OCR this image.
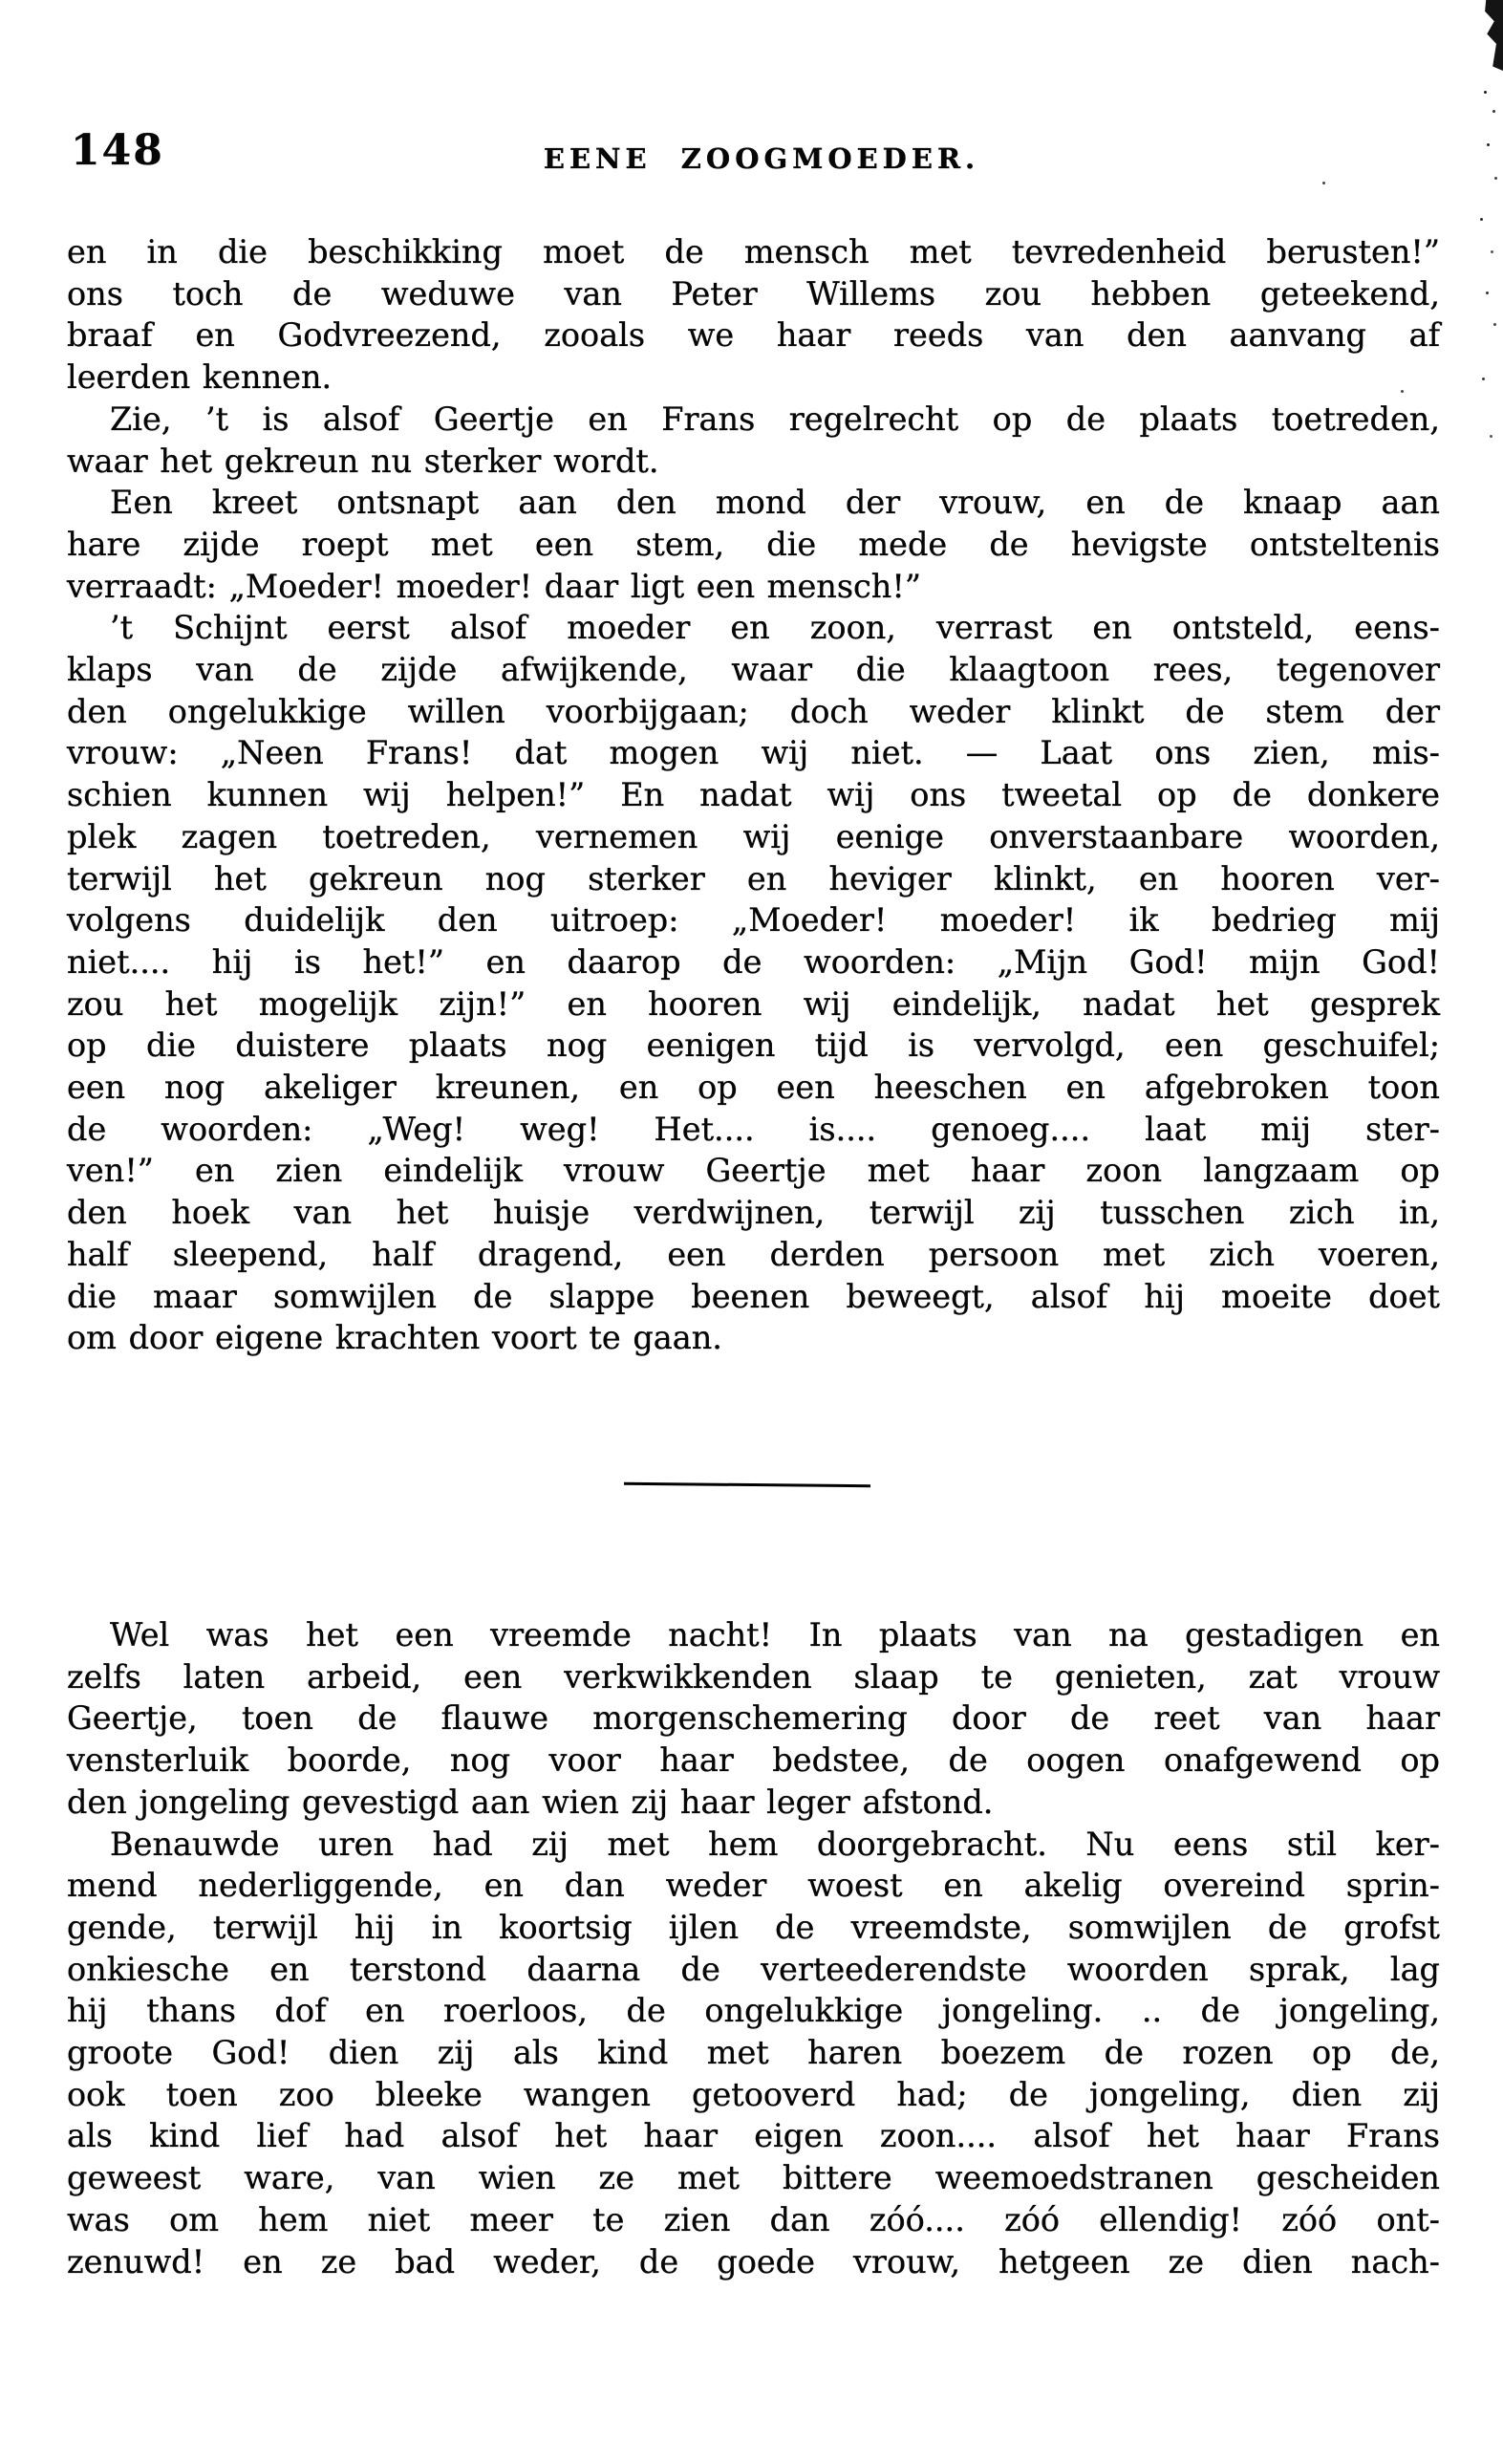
148	EENE ZOOGMOEDER.
en in die beschikking moet de mensch met tevredenheid berusten!”
ons toch de weduwe van Peter Willems zou hebben geteekend,
braaf en Godvreezend, zooals we haar reeds van den aanvang af
leerden kennen.
Zie, ’t is alsof Geertje en Frans regelrecht op de plaats toetreden,
waar het gekreun nu sterker wordt.
Een kreet ontsnapt aan den mond der vrouw, en de knaap aan
hare zijde roept met een stem, die mede de hevigste ontsteltenis
verraadt: „Moeder! moeder! daar ligt een mensch!”
’t Schijnt eerst alsof moeder en zoon, verrast en ontsteld, eens-
klaps van de zijde afwijkende, waar die klaagtoon rees, tegenover
den ongelukkige willen voorbijgaan; doch weder klinkt de stem der
vrouw: „Neen Frans! dat mogen wij niet. — Laat ons zien, mis-
schien kunnen wij helpen!” En nadat wij ons tweetal op de donkere
plek zagen toetreden, vernemen wij eenige onverstaanbare woorden,
terwijl het gekreun nog sterker en heviger klinkt, en hooren ver-
volgens duidelijk den uitroep: „Moeder! moeder! ik bedrieg mij
niet.... hij is het!” en daarop de woorden: „Mijn God! mijn God!
zou het mogelijk zijn!” en hooren wij eindelijk, nadat het gesprek
op die duistere plaats nog eenigen tijd is vervolgd, een geschuifel;
een nog akeliger kreunen, en op een heeschen en afgebroken toon
de woorden: „Weg! weg! Het.... is.... genoeg.... laat mij ster-
ven!” en zien eindelijk vrouw Geertje met haar zoon langzaam op
den hoek van het huisje verdwijnen, terwijl zij tusschen zich in,
half sleepend, half dragend, een derden persoon met zich voeren,
die maar somwijlen de slappe beenen beweegt, alsof hij moeite doet
om door eigene krachten voort te gaan.
Wel was het een vreemde nacht! In plaats van na gestadigen en
zelfs laten arbeid, een verkwikkenden slaap te genieten, zat vrouw
Geertje, toen de flauwe morgenschemering door de reet van haar
vensterluik boorde, nog voor haar bedstee, de oogen onafgewend op
den jongeling gevestigd aan wien zij haar leger afstond.
Benauwde uren had zij met hem doorgebracht. Nu eens stil ker-
mend nederliggende, en dan weder woest en akelig overeind sprin-
gende, terwijl hij in koortsig ijlen de vreemdste, somwijlen de grofst
onkiesche en terstond daarna de verteederendste woorden sprak, lag
hij thans dof en roerloos, de ongelukkige jongeling. .. de jongeling,
groote God! dien zij als kind met haren boezem de rozen op de,
ook toen zoo bleeke wangen getooverd had; de jongeling, dien zij
als kind lief had alsof het haar eigen zoon.... alsof het haar Frans
geweest ware, van wien ze met bittere weemoedstranen gescheiden
was om hem niet meer te zien dan zóó.... zóó ellendig! zóó ont-
zenuwd! en ze bad weder, de goede vrouw, hetgeen ze dien nach-
